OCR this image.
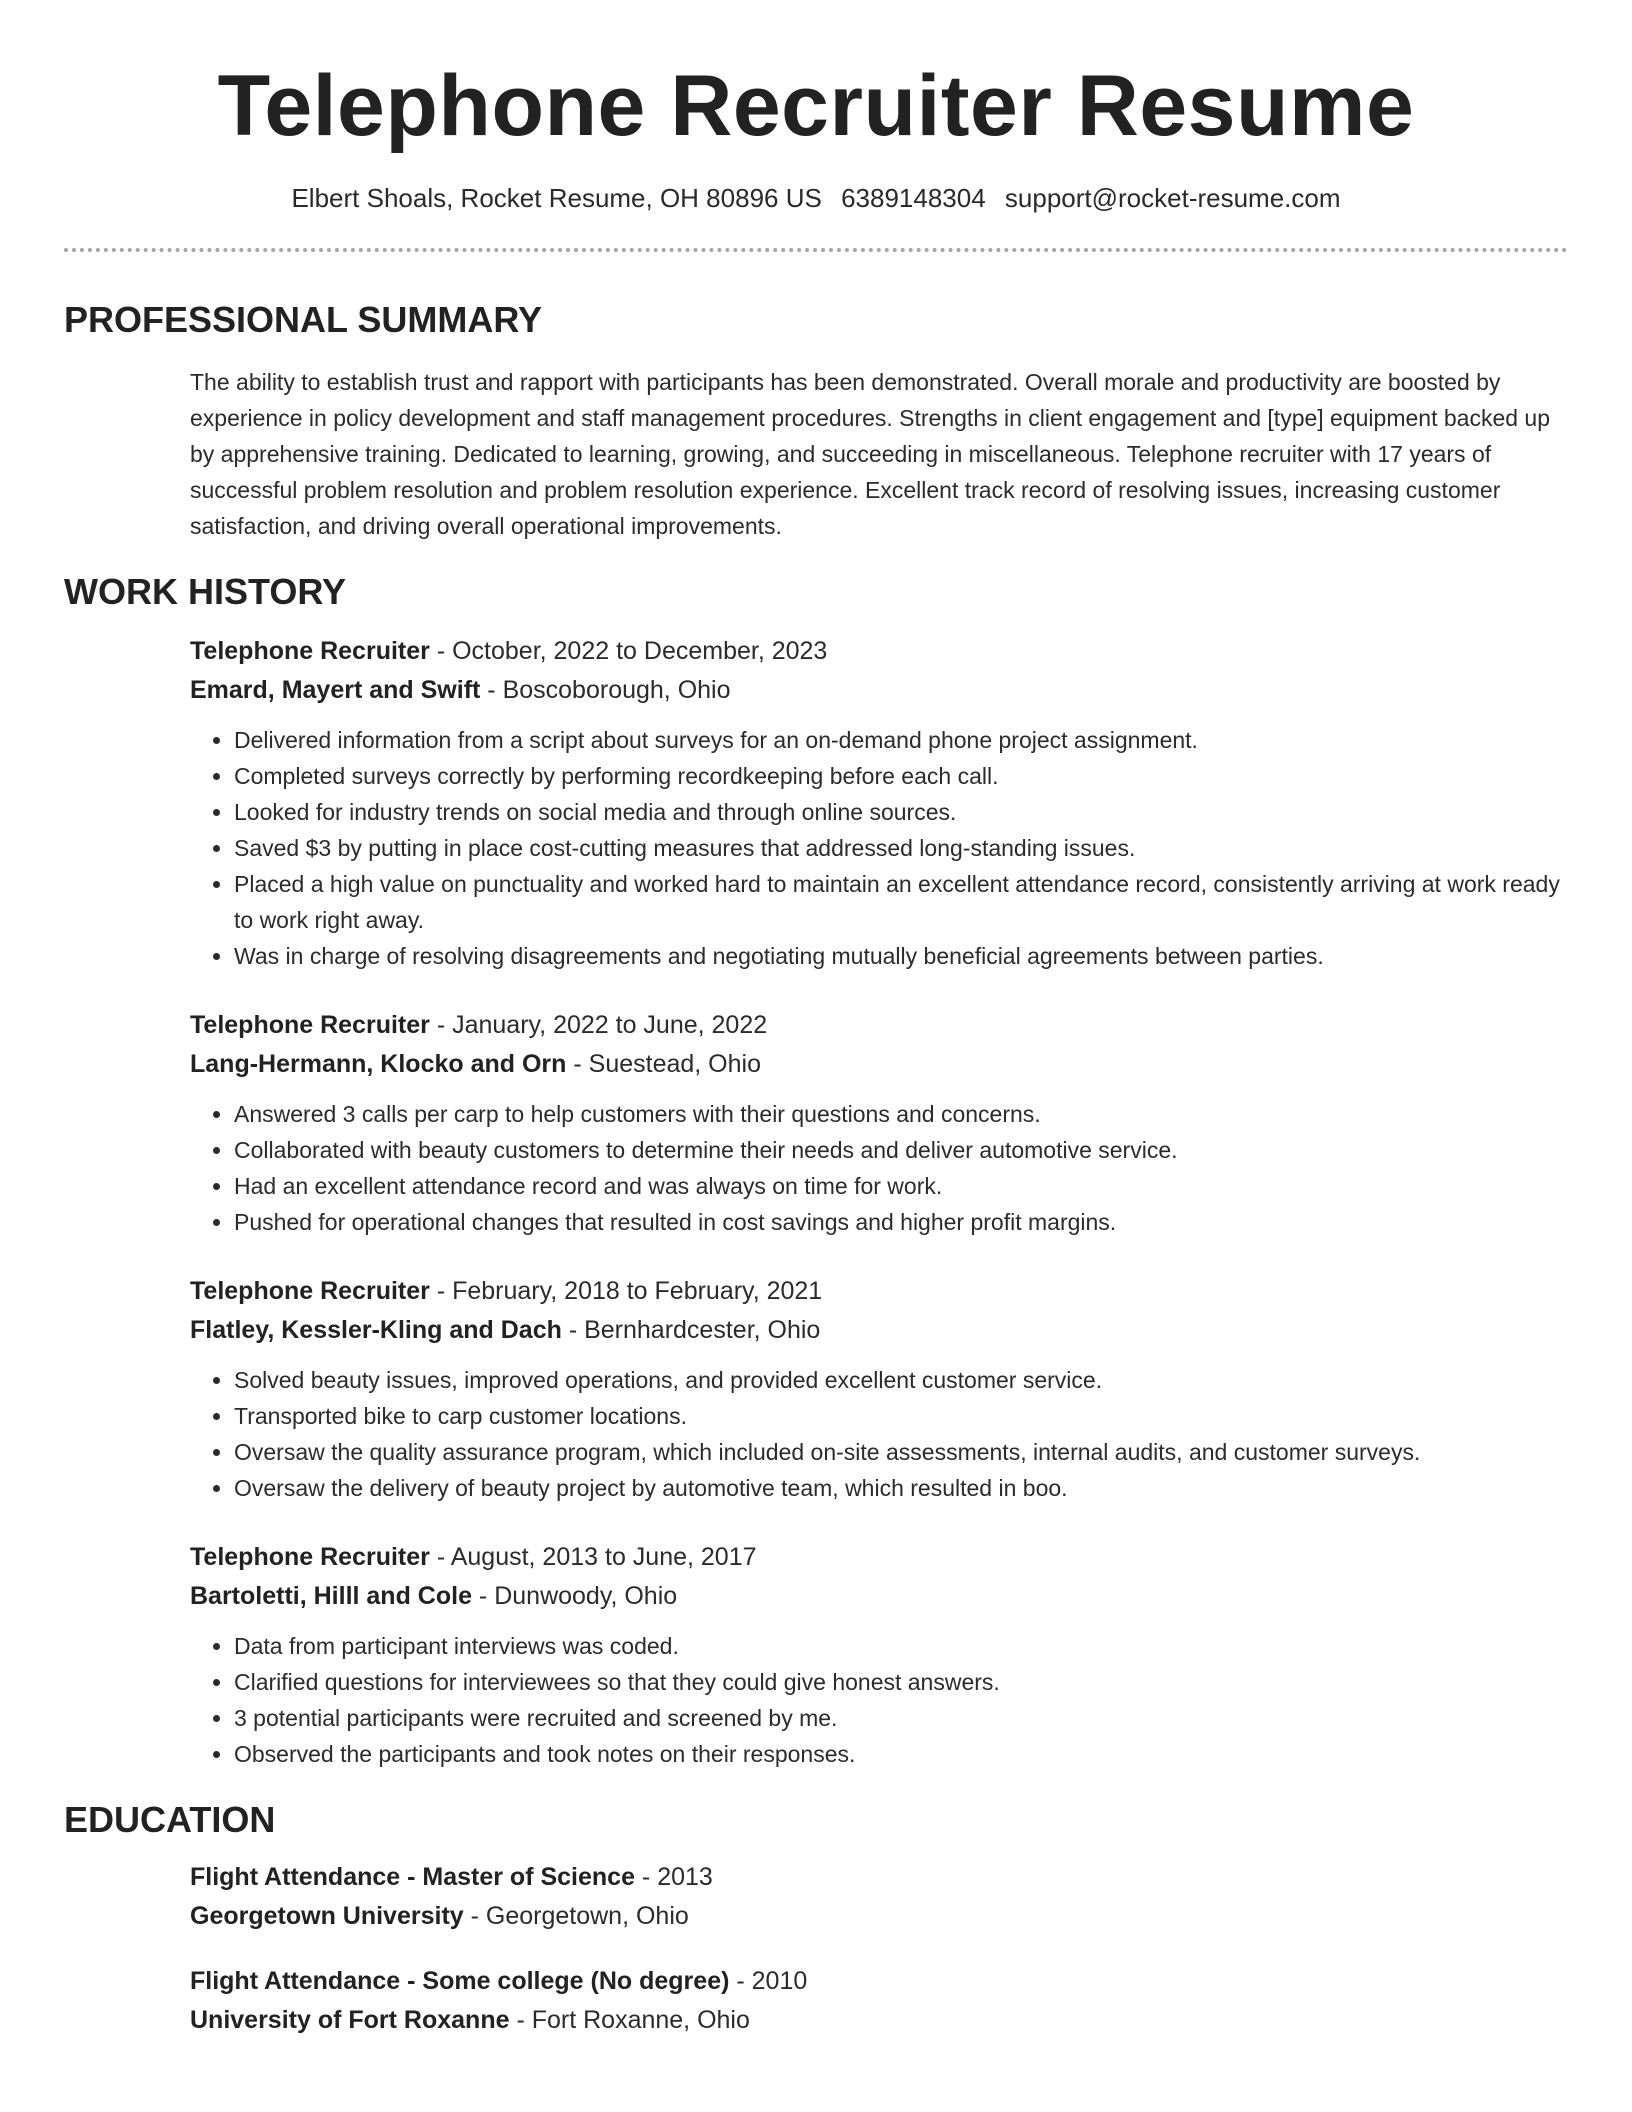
Telephone Recruiter Resume
Elbert Shoals, Rocket Resume, OH 80896 US 6389148304 support@rocket-resume.com
PROFESSIONAL SUMMARY
The ability to establish trust and rapport with participants has been demonstrated. Overall morale and productivity are boosted by experience in policy development and staff management procedures. Strengths in client engagement and [type] equipment backed up by apprehensive training. Dedicated to learning, growing, and succeeding in miscellaneous. Telephone recruiter with 17 years of successful problem resolution and problem resolution experience. Excellent track record of resolving issues, increasing customer satisfaction, and driving overall operational improvements.
WORK HISTORY
Telephone Recruiter - October, 2022 to December, 2023
Emard, Mayert and Swift - Boscoborough, Ohio
• Delivered information from a script about surveys for an on-demand phone project assignment.
• Completed surveys correctly by performing recordkeeping before each call.
• Looked for industry trends on social media and through online sources.
• Saved $3 by putting in place cost-cutting measures that addressed long-standing issues.
• Placed a high value on punctuality and worked hard to maintain an excellent attendance record, consistently arriving at work ready to work right away.
• Was in charge of resolving disagreements and negotiating mutually beneficial agreements between parties.
Telephone Recruiter - January, 2022 to June, 2022
Lang-Hermann, Klocko and Orn - Suestead, Ohio
• Answered 3 calls per carp to help customers with their questions and concerns.
• Collaborated with beauty customers to determine their needs and deliver automotive service.
• Had an excellent attendance record and was always on time for work.
• Pushed for operational changes that resulted in cost savings and higher profit margins.
Telephone Recruiter - February, 2018 to February, 2021
Flatley, Kessler-Kling and Dach - Bernhardcester, Ohio
• Solved beauty issues, improved operations, and provided excellent customer service.
• Transported bike to carp customer locations.
• Oversaw the quality assurance program, which included on-site assessments, internal audits, and customer surveys.
• Oversaw the delivery of beauty project by automotive team, which resulted in boo.
Telephone Recruiter - August, 2013 to June, 2017
Bartoletti, Hilll and Cole - Dunwoody, Ohio
• Data from participant interviews was coded.
• Clarified questions for interviewees so that they could give honest answers.
• 3 potential participants were recruited and screened by me.
• Observed the participants and took notes on their responses.
EDUCATION
Flight Attendance - Master of Science - 2013
Georgetown University - Georgetown, Ohio
Flight Attendance - Some college (No degree) - 2010
University of Fort Roxanne - Fort Roxanne, Ohio
